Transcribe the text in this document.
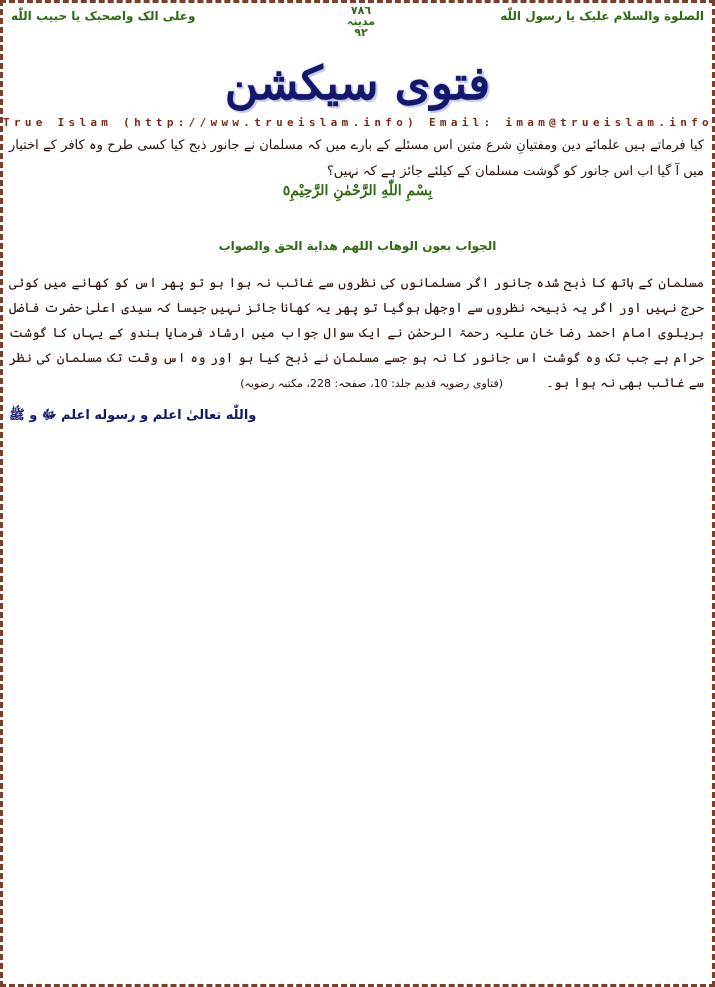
الصلوة والسلام علیک یا رسول اللّٰه
٧٨٦
مدینہ
٩٢
وعلى الک واصحبک یا حبیب اللّٰه
فتوی سیکشن
True Islam (http://www.trueislam.info) Email: imam@trueislam.info
کیا فرماتے ہیں علمائے دین ومفتیانِ شرع متین اس مسئلے کے بارے میں کہ مسلمان نے جانور ذبح کیا کسی طرح وہ کافر کے اختیار میں آ گیا اب اس جانور کو گوشت مسلمان کے کیلئے جائز ہے کہ نہیں؟
بِسْمِ اللّٰهِ الرَّحْمٰنِ الرَّحِیْمِ٥
الجواب بعون الوهاب اللهم هداية الحق والصواب
مسلمان کے ہاتھ کا ذبح شدہ جانور اگر مسلمانوں کی نظروں سے غائب نہ ہوا ہو تو پھر اس کو کھانے میں کوئی حرج نہیں اور اگر یہ ذبیحہ نظروں سے اوجھل ہوگیا تو پھر یہ کھانا جائز نہیں جیسا کہ سیدی اعلیٰ حضرت فاضل بریلوی امام احمد رضا خان علیہ رحمۃ الرحمٰن نے ایک سوال جواب میں ارشاد فرمایا ہندو کے یہاں کا گوشت حرام ہے جب تک وہ گوشت اس جانور کا نہ ہو جسے مسلمان نے ذبح کیا ہو اور وہ اس وقت تک مسلمان کی نظر سے غائب بھی نہ ہوا ہو۔
(فتاوی رضویہ قدیم جلد: 10، صفحہ: 228، مکتبہ رضویہ)
واللّٰه تعالیٰ اعلم و رسوله اعلم ﷻ و ﷺ
